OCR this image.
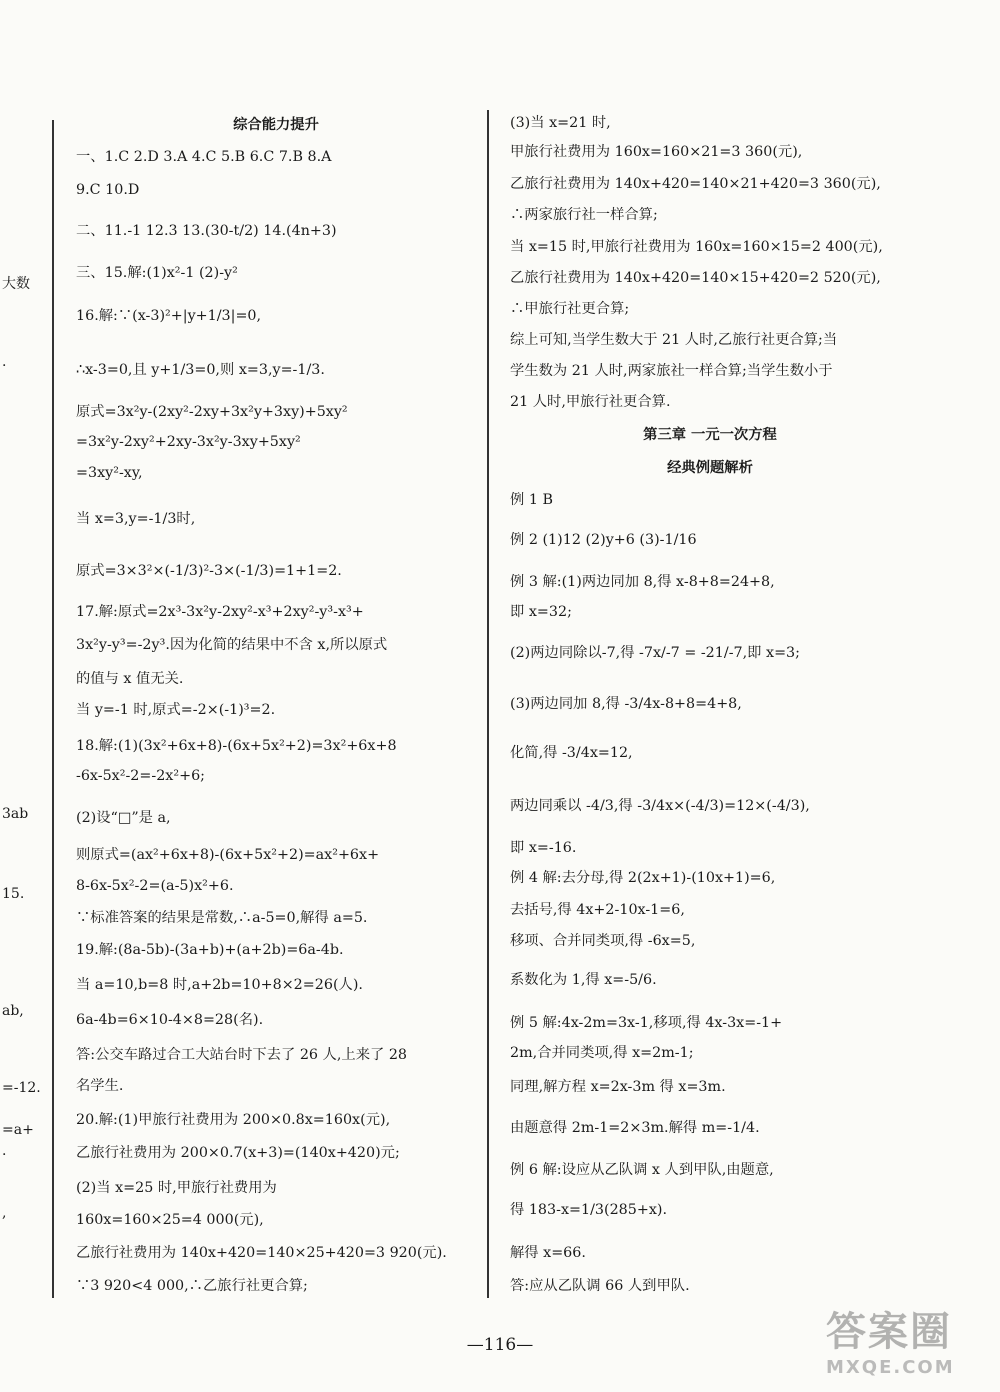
大数
·
3ab
15.
ab,
=-12.
=a+
·
,
综合能力提升
一、1.C 2.D 3.A 4.C 5.B 6.C 7.B 8.A
9.C 10.D
二、11.-1 12.3 13.(30-t/2) 14.(4n+3)
三、15.解:(1)x²-1 (2)-y²
16.解:∵(x-3)²+|y+1/3|=0,
∴x-3=0,且 y+1/3=0,则 x=3,y=-1/3.
原式=3x²y-(2xy²-2xy+3x²y+3xy)+5xy²
=3x²y-2xy²+2xy-3x²y-3xy+5xy²
=3xy²-xy,
当 x=3,y=-1/3时,
原式=3×3²×(-1/3)²-3×(-1/3)=1+1=2.
17.解:原式=2x³-3x²y-2xy²-x³+2xy²-y³-x³+
3x²y-y³=-2y³.因为化简的结果中不含 x,所以原式
的值与 x 值无关.
当 y=-1 时,原式=-2×(-1)³=2.
18.解:(1)(3x²+6x+8)-(6x+5x²+2)=3x²+6x+8
-6x-5x²-2=-2x²+6;
(2)设“□”是 a,
则原式=(ax²+6x+8)-(6x+5x²+2)=ax²+6x+
8-6x-5x²-2=(a-5)x²+6.
∵标准答案的结果是常数,∴a-5=0,解得 a=5.
19.解:(8a-5b)-(3a+b)+(a+2b)=6a-4b.
当 a=10,b=8 时,a+2b=10+8×2=26(人).
6a-4b=6×10-4×8=28(名).
答:公交车路过合工大站台时下去了 26 人,上来了 28
名学生.
20.解:(1)甲旅行社费用为 200×0.8x=160x(元),
乙旅行社费用为 200×0.7(x+3)=(140x+420)元;
(2)当 x=25 时,甲旅行社费用为
160x=160×25=4 000(元),
乙旅行社费用为 140x+420=140×25+420=3 920(元).
∵3 920<4 000,∴乙旅行社更合算;
(3)当 x=21 时,
甲旅行社费用为 160x=160×21=3 360(元),
乙旅行社费用为 140x+420=140×21+420=3 360(元),
∴两家旅行社一样合算;
当 x=15 时,甲旅行社费用为 160x=160×15=2 400(元),
乙旅行社费用为 140x+420=140×15+420=2 520(元),
∴甲旅行社更合算;
综上可知,当学生数大于 21 人时,乙旅行社更合算;当
学生数为 21 人时,两家旅社一样合算;当学生数小于
21 人时,甲旅行社更合算.
第三章 一元一次方程
经典例题解析
例 1 B
例 2 (1)12 (2)y+6 (3)-1/16
例 3 解:(1)两边同加 8,得 x-8+8=24+8,
即 x=32;
(2)两边同除以-7,得 -7x/-7 = -21/-7,即 x=3;
(3)两边同加 8,得 -3/4x-8+8=4+8,
化简,得 -3/4x=12,
两边同乘以 -4/3,得 -3/4x×(-4/3)=12×(-4/3),
即 x=-16.
例 4 解:去分母,得 2(2x+1)-(10x+1)=6,
去括号,得 4x+2-10x-1=6,
移项、合并同类项,得 -6x=5,
系数化为 1,得 x=-5/6.
例 5 解:4x-2m=3x-1,移项,得 4x-3x=-1+
2m,合并同类项,得 x=2m-1;
同理,解方程 x=2x-3m 得 x=3m.
由题意得 2m-1=2×3m.解得 m=-1/4.
例 6 解:设应从乙队调 x 人到甲队,由题意,
得 183-x=1/3(285+x).
解得 x=66.
答:应从乙队调 66 人到甲队.
—116—	答案圈
MXQE.COM
